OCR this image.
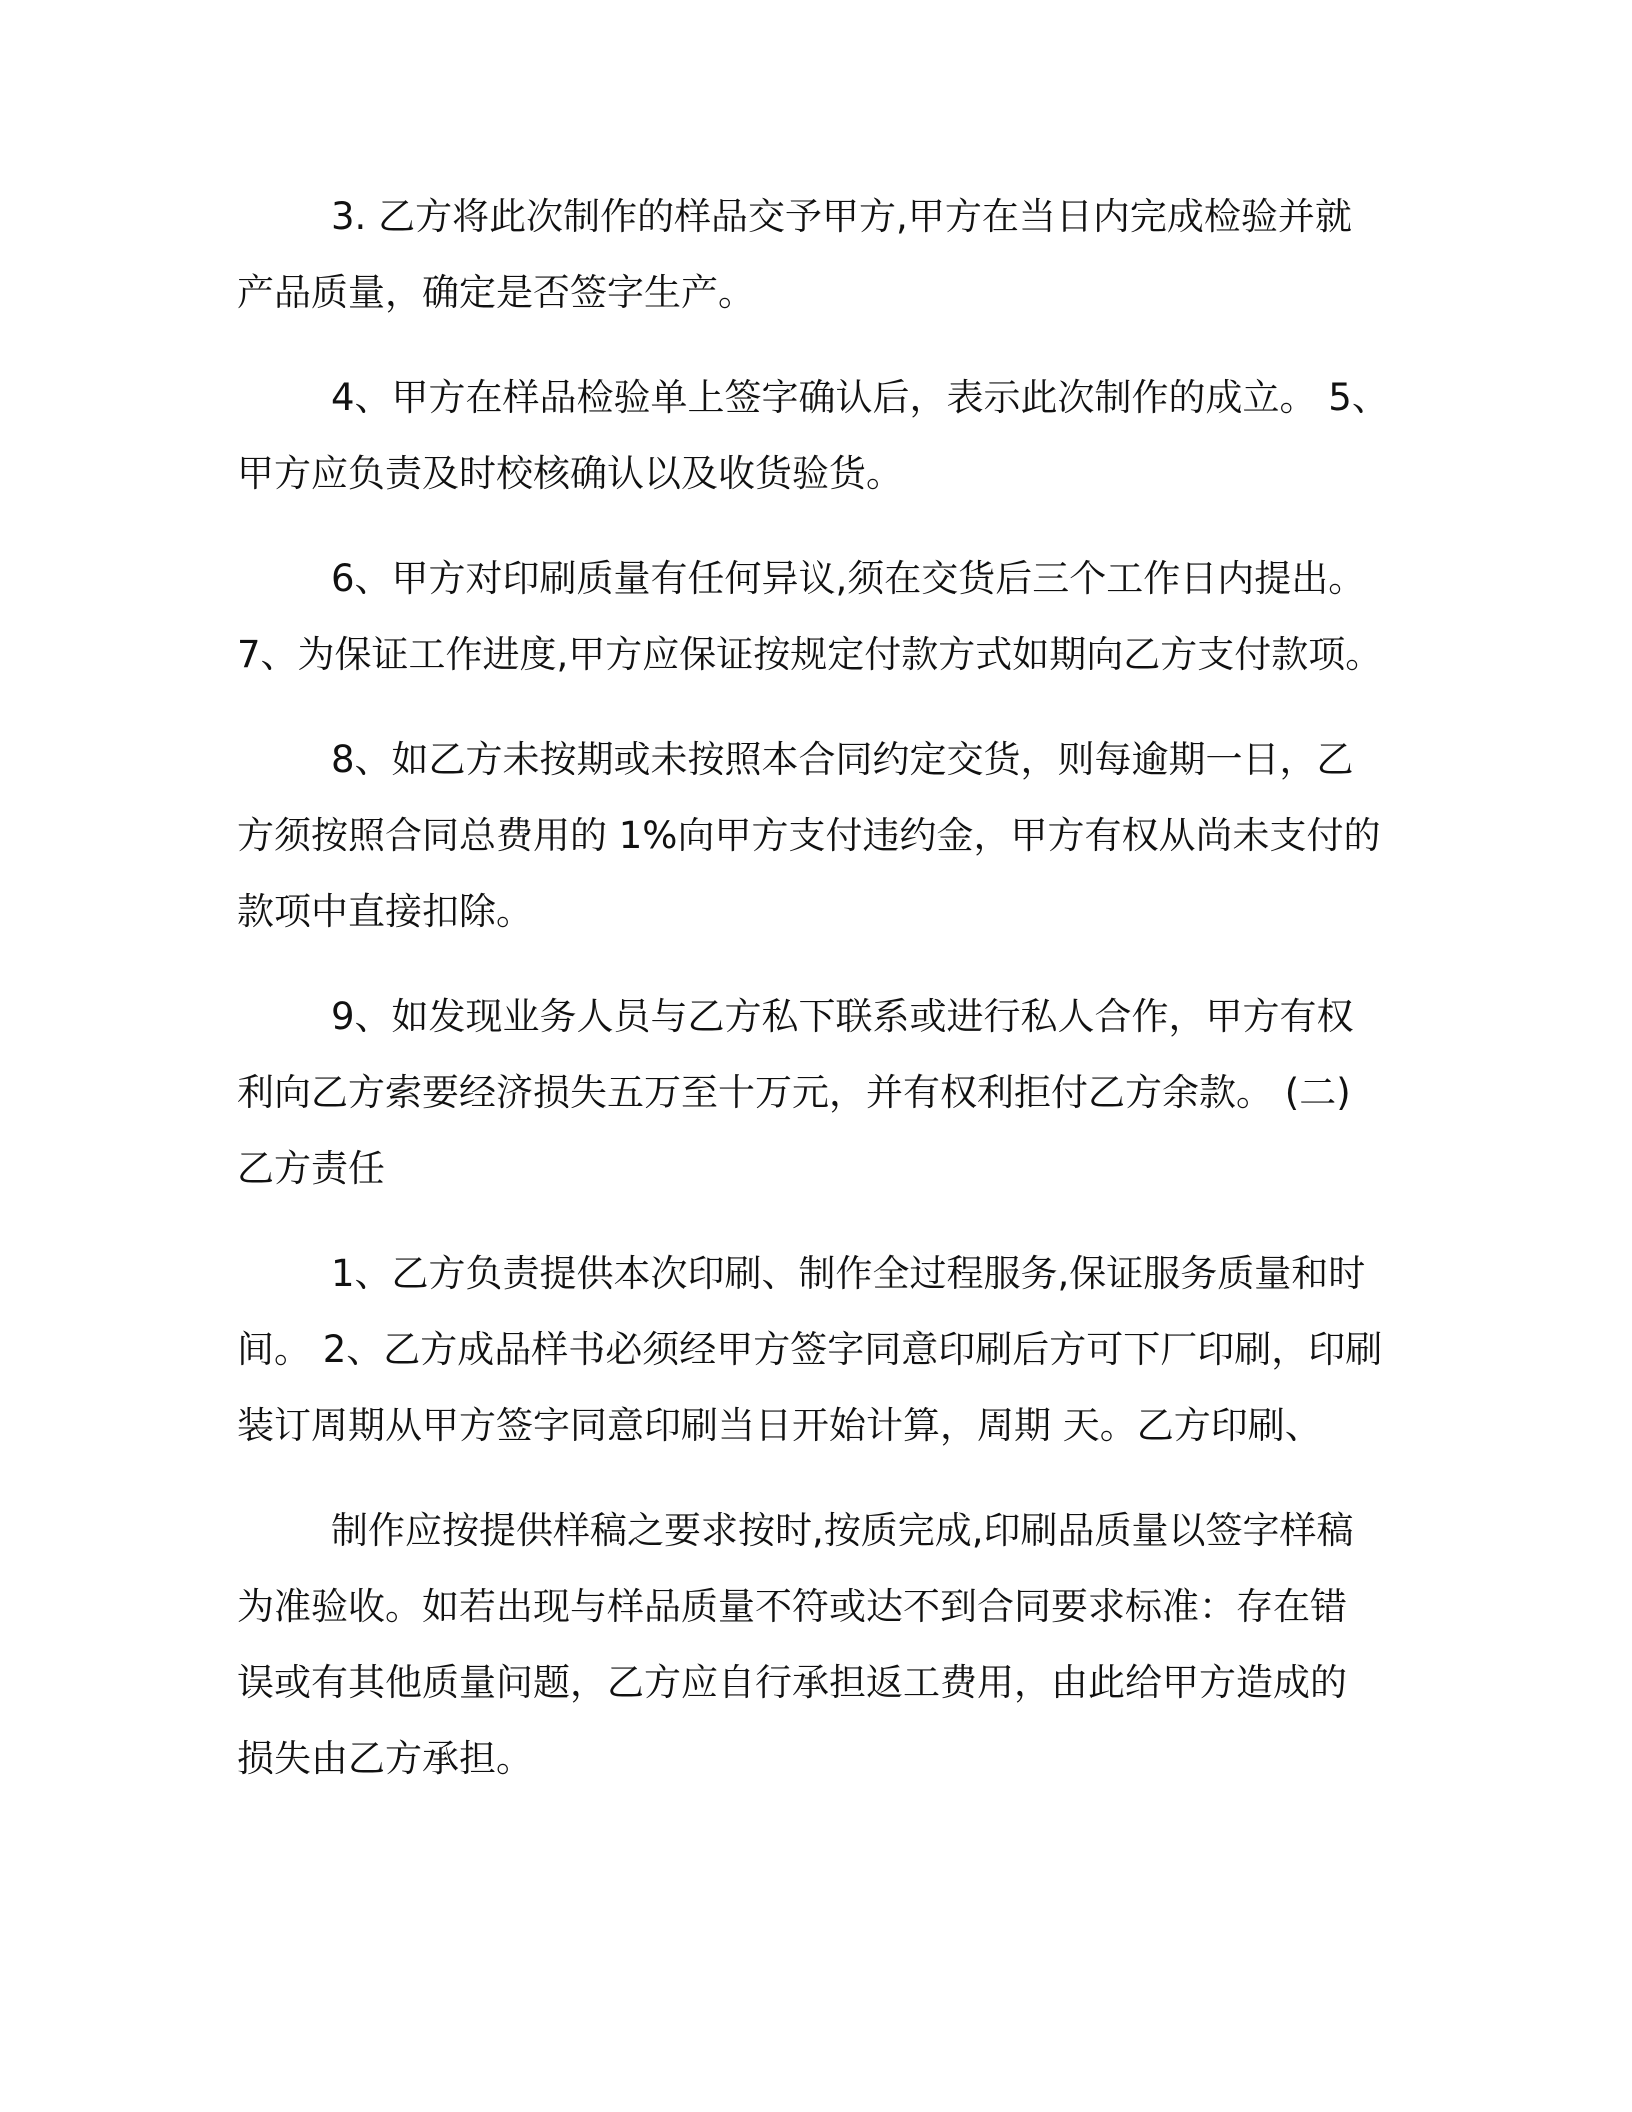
3. 乙方将此次制作的样品交予甲方,甲方在当日内完成检验并就
产品质量，确定是否签字生产。
4、甲方在样品检验单上签字确认后，表示此次制作的成立。 5、
甲方应负责及时校核确认以及收货验货。
6、甲方对印刷质量有任何异议,须在交货后三个工作日内提出。
7、为保证工作进度,甲方应保证按规定付款方式如期向乙方支付款项。
8、如乙方未按期或未按照本合同约定交货，则每逾期一日，乙
方须按照合同总费用的 1%向甲方支付违约金，甲方有权从尚未支付的
款项中直接扣除。
9、如发现业务人员与乙方私下联系或进行私人合作，甲方有权
利向乙方索要经济损失五万至十万元，并有权利拒付乙方余款。 (二)
乙方责任
1、乙方负责提供本次印刷、制作全过程服务,保证服务质量和时
间。 2、乙方成品样书必须经甲方签字同意印刷后方可下厂印刷，印刷
装订周期从甲方签字同意印刷当日开始计算，周期 天。乙方印刷、
制作应按提供样稿之要求按时,按质完成,印刷品质量以签字样稿
为准验收。如若出现与样品质量不符或达不到合同要求标准：存在错
误或有其他质量问题，乙方应自行承担返工费用，由此给甲方造成的
损失由乙方承担。
